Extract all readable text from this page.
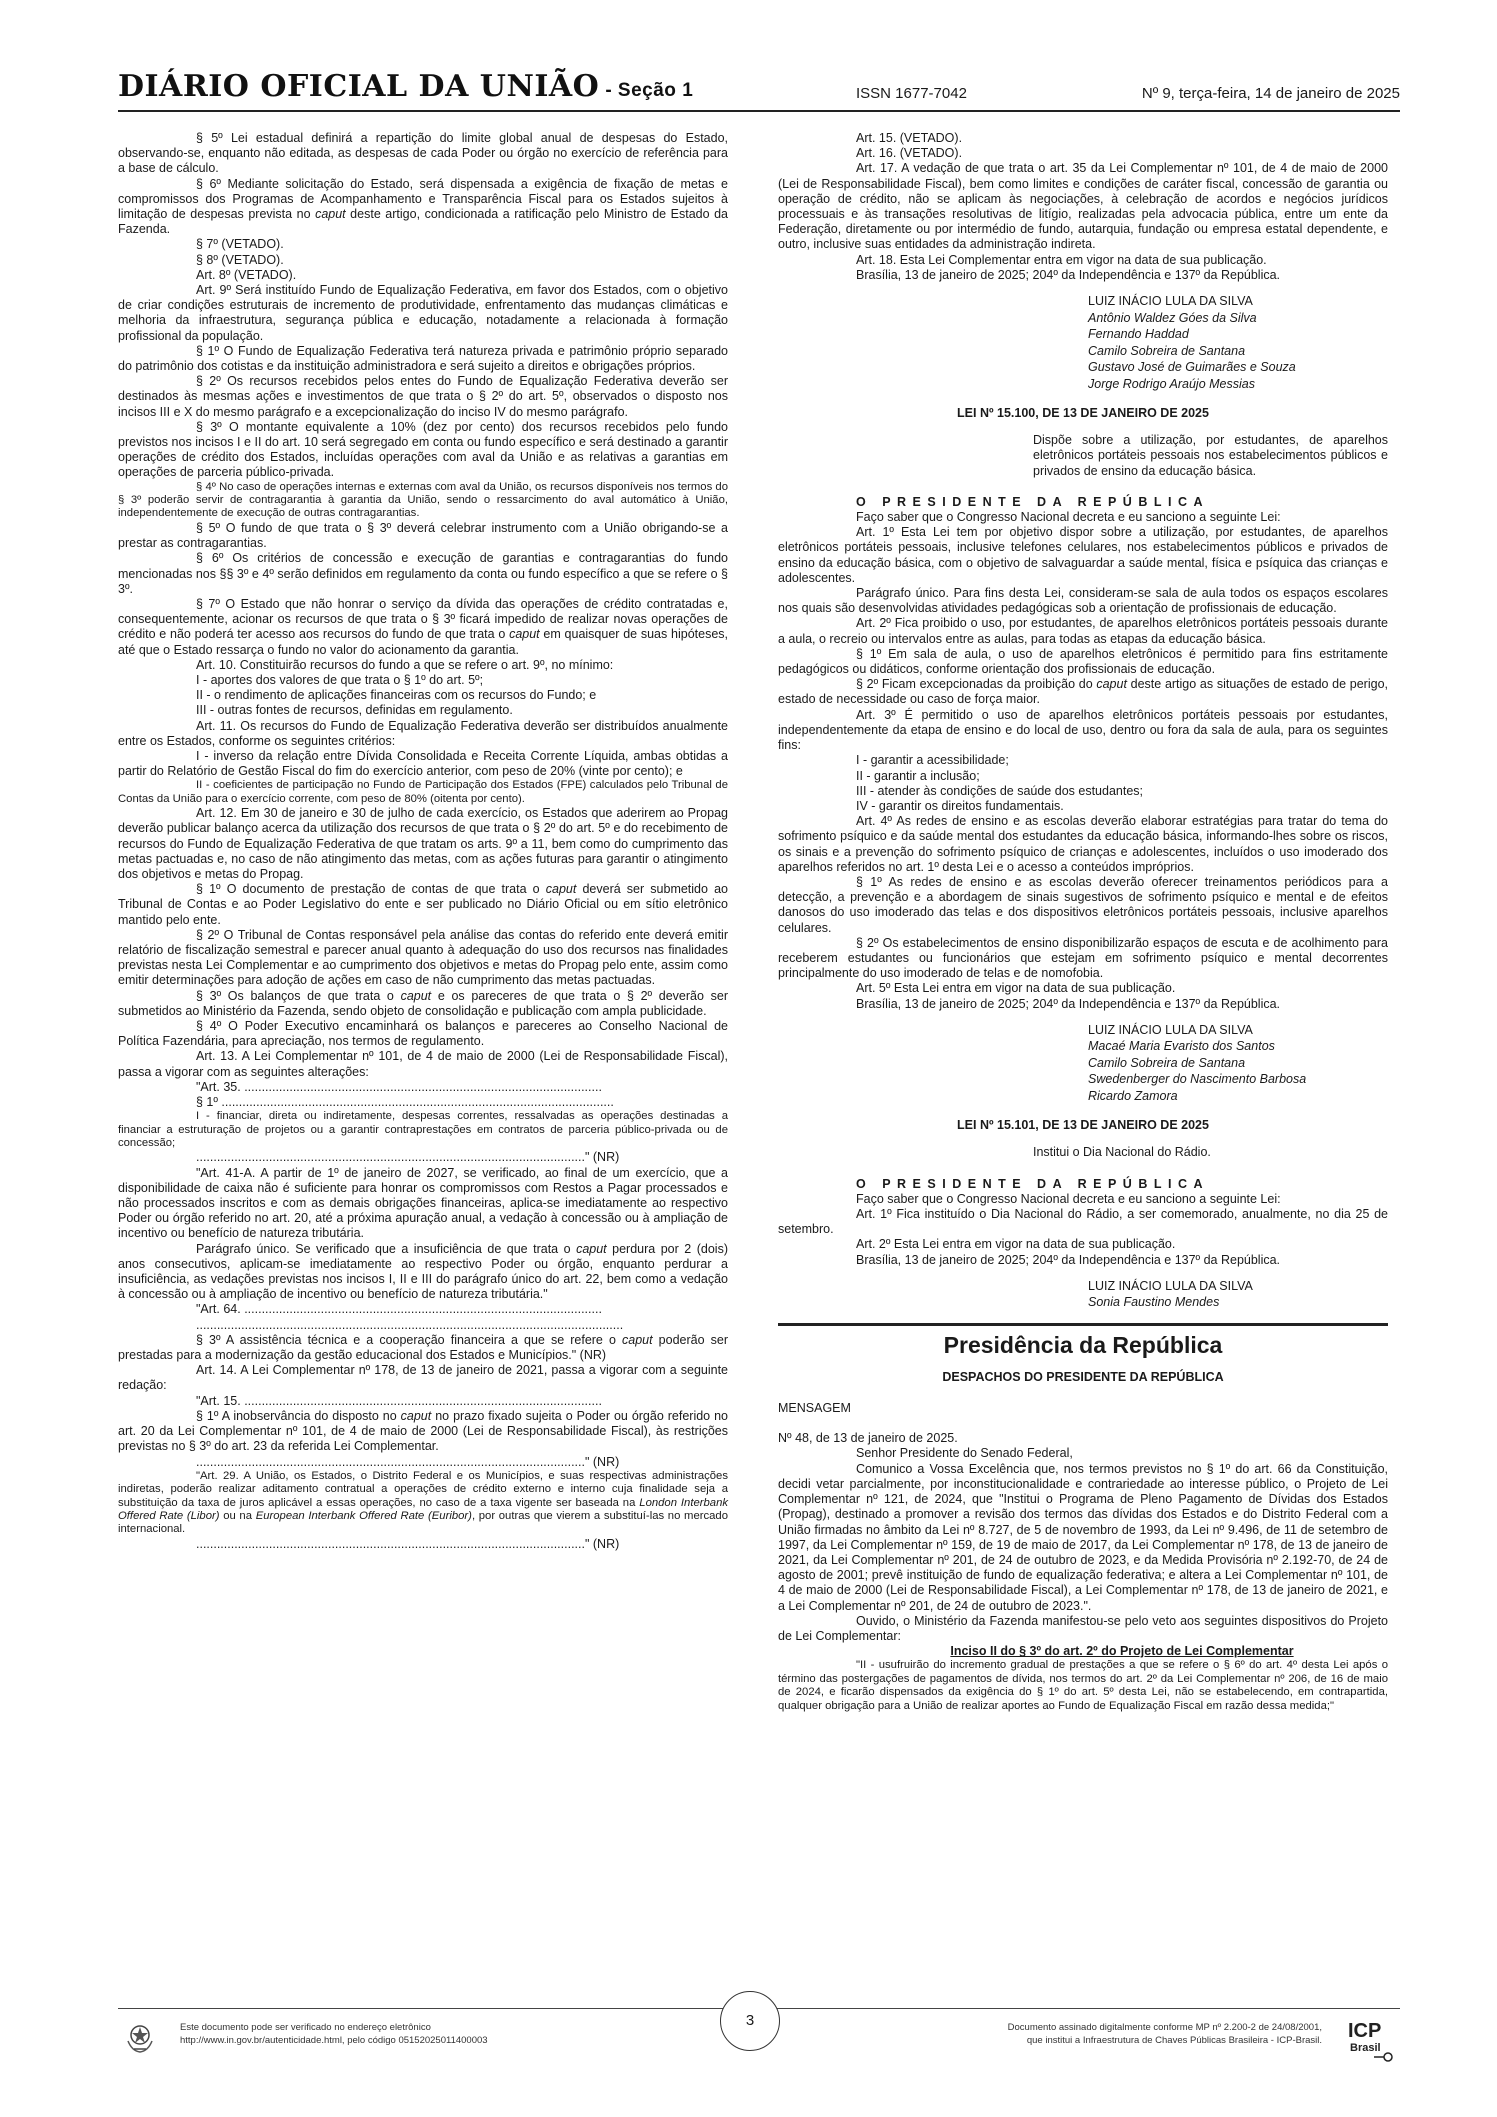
DIÁRIO OFICIAL DA UNIÃO - Seção 1	ISSN 1677-7042	Nº 9, terça-feira, 14 de janeiro de 2025

§ 5º Lei estadual definirá a repartição do limite global anual de despesas do Estado, observando-se, enquanto não editada, as despesas de cada Poder ou órgão no exercício de referência para a base de cálculo.

§ 6º Mediante solicitação do Estado, será dispensada a exigência de fixação de metas e compromissos dos Programas de Acompanhamento e Transparência Fiscal para os Estados sujeitos à limitação de despesas prevista no caput deste artigo, condicionada a ratificação pelo Ministro de Estado da Fazenda.

§ 7º (VETADO).

§ 8º (VETADO).

Art. 8º (VETADO).

Art. 9º Será instituído Fundo de Equalização Federativa, em favor dos Estados, com o objetivo de criar condições estruturais de incremento de produtividade, enfrentamento das mudanças climáticas e melhoria da infraestrutura, segurança pública e educação, notadamente a relacionada à formação profissional da população.

§ 1º O Fundo de Equalização Federativa terá natureza privada e patrimônio próprio separado do patrimônio dos cotistas e da instituição administradora e será sujeito a direitos e obrigações próprios.

§ 2º Os recursos recebidos pelos entes do Fundo de Equalização Federativa deverão ser destinados às mesmas ações e investimentos de que trata o § 2º do art. 5º, observados o disposto nos incisos III e X do mesmo parágrafo e a excepcionalização do inciso IV do mesmo parágrafo.

§ 3º O montante equivalente a 10% (dez por cento) dos recursos recebidos pelo fundo previstos nos incisos I e II do art. 10 será segregado em conta ou fundo específico e será destinado a garantir operações de crédito dos Estados, incluídas operações com aval da União e as relativas a garantias em operações de parceria público-privada.

§ 4º No caso de operações internas e externas com aval da União, os recursos disponíveis nos termos do § 3º poderão servir de contragarantia à garantia da União, sendo o ressarcimento do aval automático à União, independentemente de execução de outras contragarantias.

§ 5º O fundo de que trata o § 3º deverá celebrar instrumento com a União obrigando-se a prestar as contragarantias.

§ 6º Os critérios de concessão e execução de garantias e contragarantias do fundo mencionadas nos §§ 3º e 4º serão definidos em regulamento da conta ou fundo específico a que se refere o § 3º.

§ 7º O Estado que não honrar o serviço da dívida das operações de crédito contratadas e, consequentemente, acionar os recursos de que trata o § 3º ficará impedido de realizar novas operações de crédito e não poderá ter acesso aos recursos do fundo de que trata o caput em quaisquer de suas hipóteses, até que o Estado ressarça o fundo no valor do acionamento da garantia.

Art. 10. Constituirão recursos do fundo a que se refere o art. 9º, no mínimo:

I - aportes dos valores de que trata o § 1º do art. 5º;

II - o rendimento de aplicações financeiras com os recursos do Fundo; e

III - outras fontes de recursos, definidas em regulamento.

Art. 11. Os recursos do Fundo de Equalização Federativa deverão ser distribuídos anualmente entre os Estados, conforme os seguintes critérios:

I - inverso da relação entre Dívida Consolidada e Receita Corrente Líquida, ambas obtidas a partir do Relatório de Gestão Fiscal do fim do exercício anterior, com peso de 20% (vinte por cento); e

II - coeficientes de participação no Fundo de Participação dos Estados (FPE) calculados pelo Tribunal de Contas da União para o exercício corrente, com peso de 80% (oitenta por cento).

Art. 12. Em 30 de janeiro e 30 de julho de cada exercício, os Estados que aderirem ao Propag deverão publicar balanço acerca da utilização dos recursos de que trata o § 2º do art. 5º e do recebimento de recursos do Fundo de Equalização Federativa de que tratam os arts. 9º a 11, bem como do cumprimento das metas pactuadas e, no caso de não atingimento das metas, com as ações futuras para garantir o atingimento dos objetivos e metas do Propag.

§ 1º O documento de prestação de contas de que trata o caput deverá ser submetido ao Tribunal de Contas e ao Poder Legislativo do ente e ser publicado no Diário Oficial ou em sítio eletrônico mantido pelo ente.

§ 2º O Tribunal de Contas responsável pela análise das contas do referido ente deverá emitir relatório de fiscalização semestral e parecer anual quanto à adequação do uso dos recursos nas finalidades previstas nesta Lei Complementar e ao cumprimento dos objetivos e metas do Propag pelo ente, assim como emitir determinações para adoção de ações em caso de não cumprimento das metas pactuadas.

§ 3º Os balanços de que trata o caput e os pareceres de que trata o § 2º deverão ser submetidos ao Ministério da Fazenda, sendo objeto de consolidação e publicação com ampla publicidade.

§ 4º O Poder Executivo encaminhará os balanços e pareceres ao Conselho Nacional de Política Fazendária, para apreciação, nos termos de regulamento.

Art. 13. A Lei Complementar nº 101, de 4 de maio de 2000 (Lei de Responsabilidade Fiscal), passa a vigorar com as seguintes alterações:

"Art. 35. .......................................................................................................

§ 1º .................................................................................................................

I - financiar, direta ou indiretamente, despesas correntes, ressalvadas as operações destinadas a financiar a estruturação de projetos ou a garantir contraprestações em contratos de parceria público-privada ou de concessão;

................................................................................................................" (NR)

"Art. 41-A. A partir de 1º de janeiro de 2027, se verificado, ao final de um exercício, que a disponibilidade de caixa não é suficiente para honrar os compromissos com Restos a Pagar processados e não processados inscritos e com as demais obrigações financeiras, aplica-se imediatamente ao respectivo Poder ou órgão referido no art. 20, até a próxima apuração anual, a vedação à concessão ou à ampliação de incentivo ou benefício de natureza tributária.

Parágrafo único. Se verificado que a insuficiência de que trata o caput perdura por 2 (dois) anos consecutivos, aplicam-se imediatamente ao respectivo Poder ou órgão, enquanto perdurar a insuficiência, as vedações previstas nos incisos I, II e III do parágrafo único do art. 22, bem como a vedação à concessão ou à ampliação de incentivo ou benefício de natureza tributária."

"Art. 64. .......................................................................................................

...........................................................................................................................

§ 3º A assistência técnica e a cooperação financeira a que se refere o caput poderão ser prestadas para a modernização da gestão educacional dos Estados e Municípios." (NR)

Art. 14. A Lei Complementar nº 178, de 13 de janeiro de 2021, passa a vigorar com a seguinte redação:

"Art. 15. .......................................................................................................

§ 1º A inobservância do disposto no caput no prazo fixado sujeita o Poder ou órgão referido no art. 20 da Lei Complementar nº 101, de 4 de maio de 2000 (Lei de Responsabilidade Fiscal), às restrições previstas no § 3º do art. 23 da referida Lei Complementar.

................................................................................................................" (NR)

"Art. 29. A União, os Estados, o Distrito Federal e os Municípios, e suas respectivas administrações indiretas, poderão realizar aditamento contratual a operações de crédito externo e interno cuja finalidade seja a substituição da taxa de juros aplicável a essas operações, no caso de a taxa vigente ser baseada na London Interbank Offered Rate (Libor) ou na European Interbank Offered Rate (Euribor), por outras que vierem a substituí-las no mercado internacional.

................................................................................................................" (NR)

Art. 15. (VETADO).

Art. 16. (VETADO).

Art. 17. A vedação de que trata o art. 35 da Lei Complementar nº 101, de 4 de maio de 2000 (Lei de Responsabilidade Fiscal), bem como limites e condições de caráter fiscal, concessão de garantia ou operação de crédito, não se aplicam às negociações, à celebração de acordos e negócios jurídicos processuais e às transações resolutivas de litígio, realizadas pela advocacia pública, entre um ente da Federação, diretamente ou por intermédio de fundo, autarquia, fundação ou empresa estatal dependente, e outro, inclusive suas entidades da administração indireta.

Art. 18. Esta Lei Complementar entra em vigor na data de sua publicação.

Brasília, 13 de janeiro de 2025; 204º da Independência e 137º da República.

LUIZ INÁCIO LULA DA SILVA
Antônio Waldez Góes da Silva
Fernando Haddad
Camilo Sobreira de Santana
Gustavo José de Guimarães e Souza
Jorge Rodrigo Araújo Messias
LEI Nº 15.100, DE 13 DE JANEIRO DE 2025
Dispõe sobre a utilização, por estudantes, de aparelhos eletrônicos portáteis pessoais nos estabelecimentos públicos e privados de ensino da educação básica.

O PRESIDENTE DA REPÚBLICA

Faço saber que o Congresso Nacional decreta e eu sanciono a seguinte Lei:

Art. 1º Esta Lei tem por objetivo dispor sobre a utilização, por estudantes, de aparelhos eletrônicos portáteis pessoais, inclusive telefones celulares, nos estabelecimentos públicos e privados de ensino da educação básica, com o objetivo de salvaguardar a saúde mental, física e psíquica das crianças e adolescentes.

Parágrafo único. Para fins desta Lei, consideram-se sala de aula todos os espaços escolares nos quais são desenvolvidas atividades pedagógicas sob a orientação de profissionais de educação.

Art. 2º Fica proibido o uso, por estudantes, de aparelhos eletrônicos portáteis pessoais durante a aula, o recreio ou intervalos entre as aulas, para todas as etapas da educação básica.

§ 1º Em sala de aula, o uso de aparelhos eletrônicos é permitido para fins estritamente pedagógicos ou didáticos, conforme orientação dos profissionais de educação.

§ 2º Ficam excepcionadas da proibição do caput deste artigo as situações de estado de perigo, estado de necessidade ou caso de força maior.

Art. 3º É permitido o uso de aparelhos eletrônicos portáteis pessoais por estudantes, independentemente da etapa de ensino e do local de uso, dentro ou fora da sala de aula, para os seguintes fins:

I - garantir a acessibilidade;

II - garantir a inclusão;

III - atender às condições de saúde dos estudantes;

IV - garantir os direitos fundamentais.

Art. 4º As redes de ensino e as escolas deverão elaborar estratégias para tratar do tema do sofrimento psíquico e da saúde mental dos estudantes da educação básica, informando-lhes sobre os riscos, os sinais e a prevenção do sofrimento psíquico de crianças e adolescentes, incluídos o uso imoderado dos aparelhos referidos no art. 1º desta Lei e o acesso a conteúdos impróprios.

§ 1º As redes de ensino e as escolas deverão oferecer treinamentos periódicos para a detecção, a prevenção e a abordagem de sinais sugestivos de sofrimento psíquico e mental e de efeitos danosos do uso imoderado das telas e dos dispositivos eletrônicos portáteis pessoais, inclusive aparelhos celulares.

§ 2º Os estabelecimentos de ensino disponibilizarão espaços de escuta e de acolhimento para receberem estudantes ou funcionários que estejam em sofrimento psíquico e mental decorrentes principalmente do uso imoderado de telas e de nomofobia.

Art. 5º Esta Lei entra em vigor na data de sua publicação.

Brasília, 13 de janeiro de 2025; 204º da Independência e 137º da República.

LUIZ INÁCIO LULA DA SILVA
Macaé Maria Evaristo dos Santos
Camilo Sobreira de Santana
Swedenberger do Nascimento Barbosa
Ricardo Zamora
LEI Nº 15.101, DE 13 DE JANEIRO DE 2025
Institui o Dia Nacional do Rádio.

O PRESIDENTE DA REPÚBLICA

Faço saber que o Congresso Nacional decreta e eu sanciono a seguinte Lei:

Art. 1º Fica instituído o Dia Nacional do Rádio, a ser comemorado, anualmente, no dia 25 de setembro.

Art. 2º Esta Lei entra em vigor na data de sua publicação.

Brasília, 13 de janeiro de 2025; 204º da Independência e 137º da República.

LUIZ INÁCIO LULA DA SILVA
Sonia Faustino Mendes
Presidência da República
DESPACHOS DO PRESIDENTE DA REPÚBLICA

MENSAGEM

Nº 48, de 13 de janeiro de 2025.

Senhor Presidente do Senado Federal,

Comunico a Vossa Excelência que, nos termos previstos no § 1º do art. 66 da Constituição, decidi vetar parcialmente, por inconstitucionalidade e contrariedade ao interesse público, o Projeto de Lei Complementar nº 121, de 2024, que "Institui o Programa de Pleno Pagamento de Dívidas dos Estados (Propag), destinado a promover a revisão dos termos das dívidas dos Estados e do Distrito Federal com a União firmadas no âmbito da Lei nº 8.727, de 5 de novembro de 1993, da Lei nº 9.496, de 11 de setembro de 1997, da Lei Complementar nº 159, de 19 de maio de 2017, da Lei Complementar nº 178, de 13 de janeiro de 2021, da Lei Complementar nº 201, de 24 de outubro de 2023, e da Medida Provisória nº 2.192-70, de 24 de agosto de 2001; prevê instituição de fundo de equalização federativa; e altera a Lei Complementar nº 101, de 4 de maio de 2000 (Lei de Responsabilidade Fiscal), a Lei Complementar nº 178, de 13 de janeiro de 2021, e a Lei Complementar nº 201, de 24 de outubro de 2023.".

Ouvido, o Ministério da Fazenda manifestou-se pelo veto aos seguintes dispositivos do Projeto de Lei Complementar:

Inciso II do § 3º do art. 2º do Projeto de Lei Complementar

"II - usufruirão do incremento gradual de prestações a que se refere o § 6º do art. 4º desta Lei após o término das postergações de pagamentos de dívida, nos termos do art. 2º da Lei Complementar nº 206, de 16 de maio de 2024, e ficarão dispensados da exigência do § 1º do art. 5º desta Lei, não se estabelecendo, em contrapartida, qualquer obrigação para a União de realizar aportes ao Fundo de Equalização Fiscal em razão dessa medida;"

Este documento pode ser verificado no endereço eletrônico
http://www.in.gov.br/autenticidade.html, pelo código 05152025011400003
3	Documento assinado digitalmente conforme MP nº 2.200-2 de 24/08/2001,
que institui a Infraestrutura de Chaves Públicas Brasileira - ICP-Brasil. ICP
Brasil
